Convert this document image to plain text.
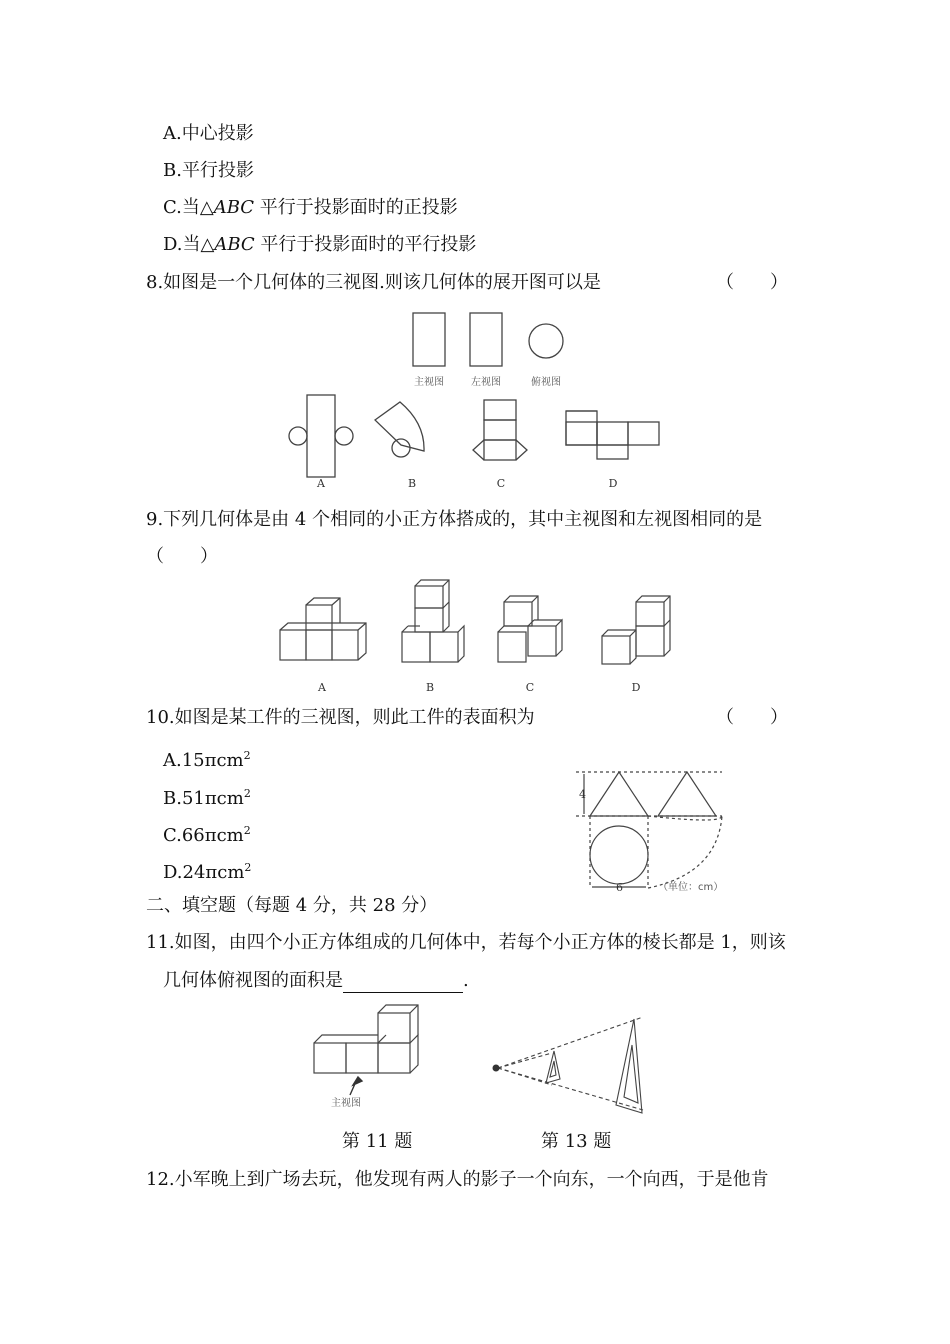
A.中心投影
B.平行投影
C.当△ABC 平行于投影面时的正投影
D.当△ABC 平行于投影面时的平行投影
8.如图是一个几何体的三视图.则该几何体的展开图可以是	（　　）
主视图	左视图	俯视图
A	B	C	D
9.下列几何体是由 4 个相同的小正方体搭成的，其中主视图和左视图相同的是
（　　）
A	B	C	D
10.如图是某工件的三视图，则此工件的表面积为	（　　）
A.15πcm$^2$
B.51πcm$^2$
C.66πcm$^2$
D.24πcm$^2$
4
6	（单位：cm）
二、填空题（每题 4 分，共 28 分）
11.如图，由四个小正方体组成的几何体中，若每个小正方体的棱长都是 1，则该
几何体俯视图的面积是	.
主视图
第 11 题	第 13 题
12.小军晚上到广场去玩，他发现有两人的影子一个向东，一个向西，于是他肯
